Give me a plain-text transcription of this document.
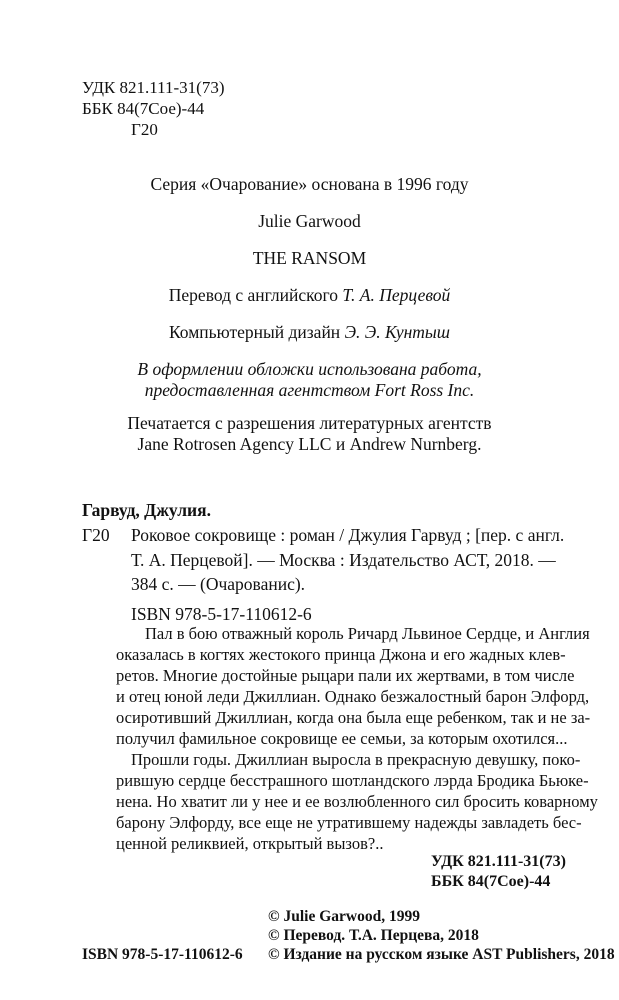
УДК 821.111-31(73)
ББК 84(7Сое)-44
Г20
Серия «Очарование» основана в 1996 году
Julie Garwood
THE RANSOM
Перевод с английского Т. А. Перцевой
Компьютерный дизайн Э. Э. Кунтыш
В оформлении обложки использована работа,
предоставленная агентством Fort Ross Inc.
Печатается с разрешения литературных агентств
Jane Rotrosen Agency LLC и Andrew Nurnberg.
Гарвуд, Джулия.
Г20 Роковое сокровище : роман / Джулия Гарвуд ; [пер. с англ.
Т. А. Перцевой]. — Москва : Издательство АСТ, 2018. —
384 с. — (Очарованис).
ISBN 978-5-17-110612-6
Пал в бою отважный король Ричард Львиное Сердце, и Англия
оказалась в когтях жестокого принца Джона и его жадных клев-
ретов. Многие достойные рыцари пали их жертвами, в том числе
и отец юной леди Джиллиан. Однако безжалостный барон Элфорд,
осиротивший Джиллиан, когда она была еще ребенком, так и не за-
получил фамильное сокровище ее семьи, за которым охотился...
Прошли годы. Джиллиан выросла в прекрасную девушку, поко-
рившую сердце бесстрашного шотландского лэрда Бродика Бьюке-
нена. Но хватит ли у нее и ее возлюбленного сил бросить коварному
барону Элфорду, все еще не утратившему надежды завладеть бес-
ценной реликвией, открытый вызов?..
УДК 821.111-31(73)
ББК 84(7Сое)-44
© Julie Garwood, 1999
© Перевод. Т.А. Перцева, 2018
ISBN 978-5-17-110612-6 © Издание на русском языке AST Publishers, 2018
